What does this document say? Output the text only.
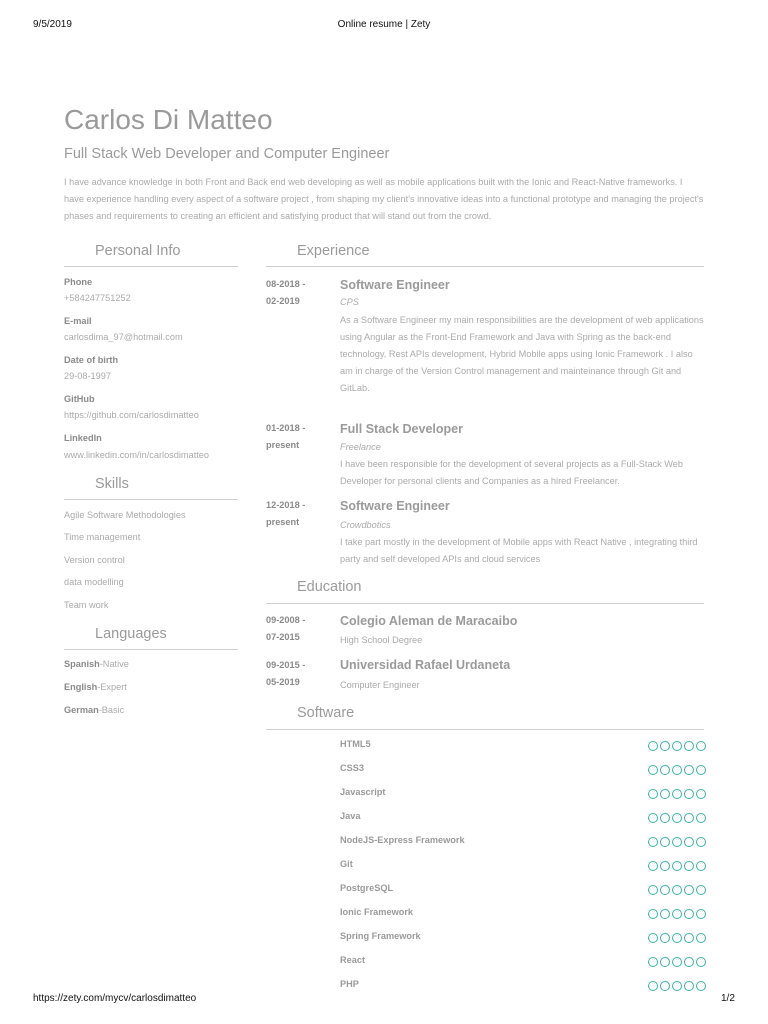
9/5/2019	Online resume | Zety
Carlos Di Matteo
Full Stack Web Developer and Computer Engineer
I have advance knowledge in both Front and Back end web developing as well as mobile applications built with the Ionic and React-Native frameworks. I have experience handling every aspect of a software project , from shaping my client's innovative ideas into a functional prototype and managing the project's phases and requirements to creating an efficient and satisfying product that will stand out from the crowd.
Personal Info
Phone
+584247751252
E-mail
carlosdima_97@hotmail.com
Date of birth
29-08-1997
GitHub
https://github.com/carlosdimatteo
LinkedIn
www.linkedin.com/in/carlosdimatteo
Skills
Agile Software Methodologies
Time management
Version control
data modelling
Team work
Languages
Spanish-Native
English-Expert
German-Basic
Experience
08-2018 -
02-2019
Software Engineer
CPS
As a Software Engineer my main responsibilities are the development of web applications using Angular as the Front-End Framework and Java with Spring as the back-end technology, Rest APIs development, Hybrid Mobile apps using Ionic Framework . I also am in charge of the Version Control management and mainteinance through Git and GitLab.
01-2018 -
present
Full Stack Developer
Freelance
I have been responsible for the development of several projects as a Full-Stack Web Developer for personal clients and Companies as a hired Freelancer.
12-2018 -
present
Software Engineer
Crowdbotics
I take part mostly in the development of Mobile apps with React Native , integrating third party and self developed APIs and cloud services
Education
09-2008 -
07-2015
Colegio Aleman de Maracaibo
High School Degree
09-2015 -
05-2019
Universidad Rafael Urdaneta
Computer Engineer
Software
HTML5
CSS3
Javascript
Java
NodeJS-Express Framework
Git
PostgreSQL
Ionic Framework
Spring Framework
React
PHP
https://zety.com/mycv/carlosdimatteo	1/2
